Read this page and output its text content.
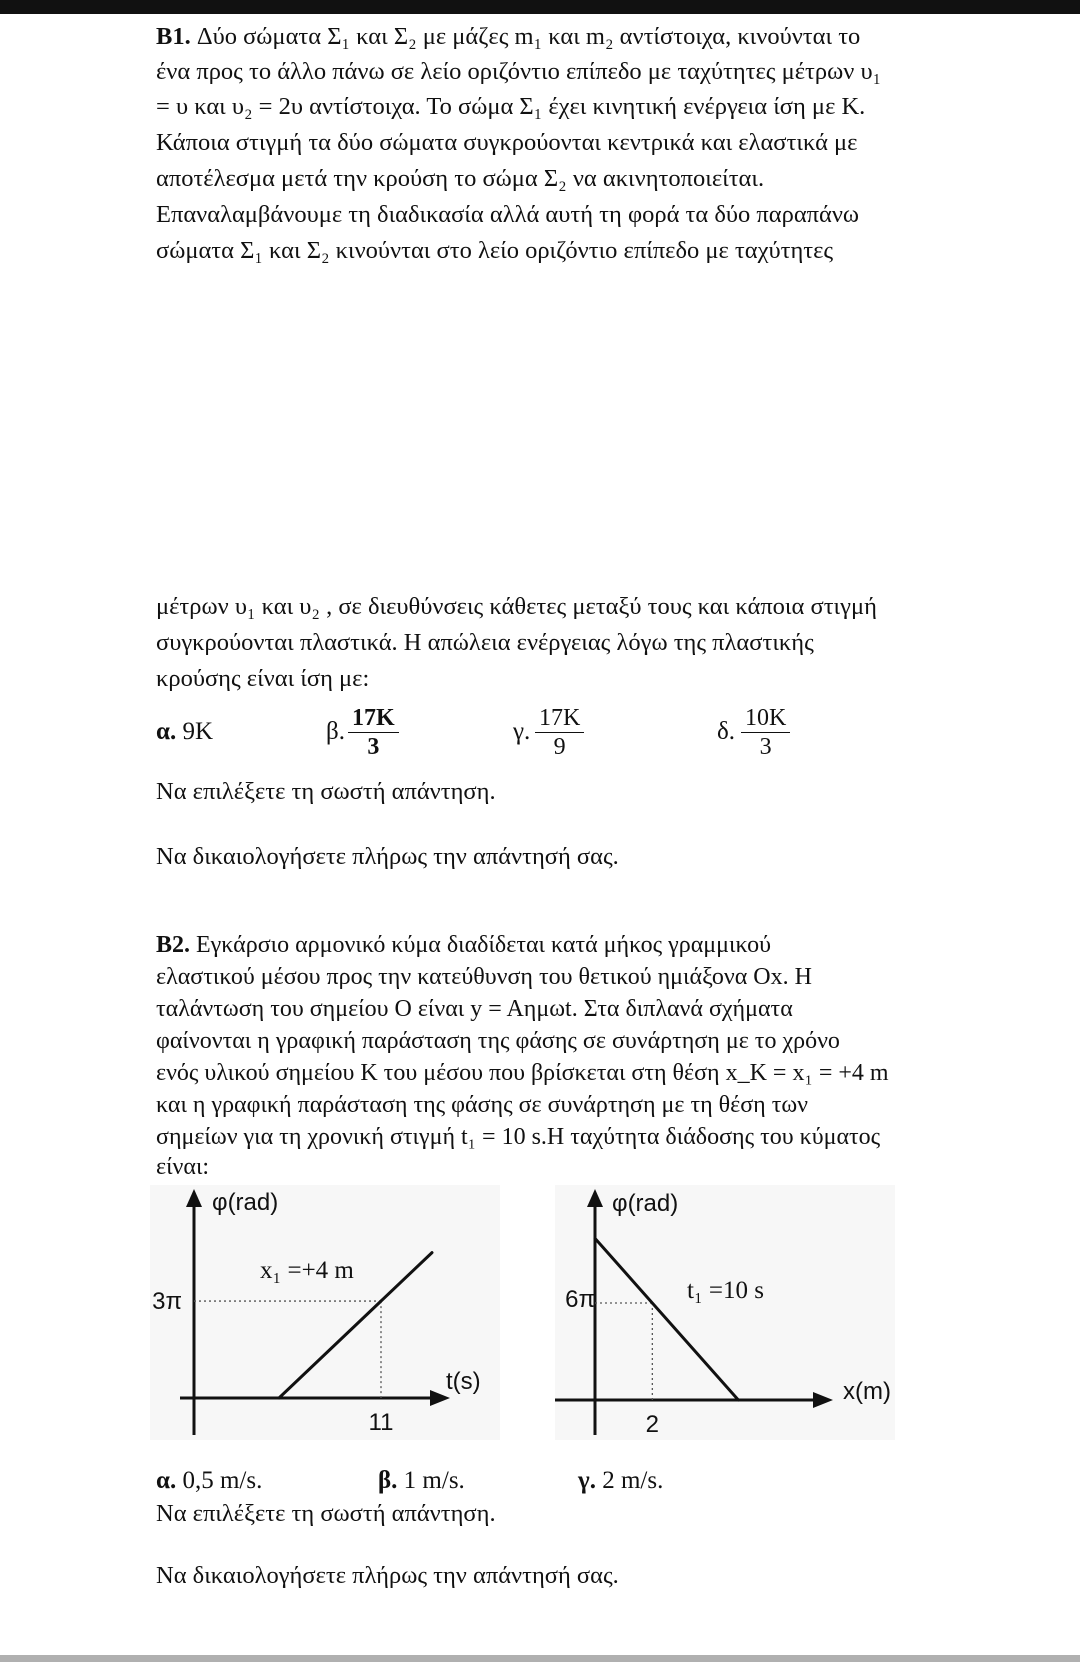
B1. Δύο σώματα Σ₁ και Σ₂ με μάζες m₁ και m₂ αντίστοιχα, κινούνται το
ένα προς το άλλο πάνω σε λείο οριζόντιο επίπεδο με ταχύτητες μέτρων υ₁
= υ και υ₂ = 2υ αντίστοιχα. Το σώμα Σ₁ έχει κινητική ενέργεια ίση με K.
Κάποια στιγμή τα δύο σώματα συγκρούονται κεντρικά και ελαστικά με
αποτέλεσμα μετά την κρούση το σώμα Σ₂ να ακινητοποιείται.
Επαναλαμβάνουμε τη διαδικασία αλλά αυτή τη φορά τα δύο παραπάνω
σώματα Σ₁ και Σ₂ κινούνται στο λείο οριζόντιο επίπεδο με ταχύτητες
μέτρων υ₁ και υ₂ , σε διευθύνσεις κάθετες μεταξύ τους και κάποια στιγμή
συγκρούονται πλαστικά. Η απώλεια ενέργειας λόγω της πλαστικής
κρούσης είναι ίση με:
α. 9K	β. $\frac{17K}{3}$	γ. $\frac{17K}{9}$	δ. $\frac{10K}{3}$
Να επιλέξετε τη σωστή απάντηση.
Να δικαιολογήσετε πλήρως την απάντησή σας.
B2. Εγκάρσιο αρμονικό κύμα διαδίδεται κατά μήκος γραμμικού
ελαστικού μέσου προς την κατεύθυνση του θετικού ημιάξονα Ox. Η
ταλάντωση του σημείου O είναι y = Aημωt. Στα διπλανά σχήματα
φαίνονται η γραφική παράσταση της φάσης σε συνάρτηση με το χρόνο
ενός υλικού σημείου K του μέσου που βρίσκεται στη θέση x_K = x₁ = +4 m
και η γραφική παράσταση της φάσης σε συνάρτηση με τη θέση των
σημείων για τη χρονική στιγμή t₁ = 10 s.Η ταχύτητα διάδοσης του κύματος
είναι:
φ(rad)
t(s)
x₁ =+4 m
3π
11
φ(rad)
x(m)
t₁ =10 s
6π
2
α. 0,5 m/s.	β. 1 m/s.	γ. 2 m/s.
Να επιλέξετε τη σωστή απάντηση.
Να δικαιολογήσετε πλήρως την απάντησή σας.
